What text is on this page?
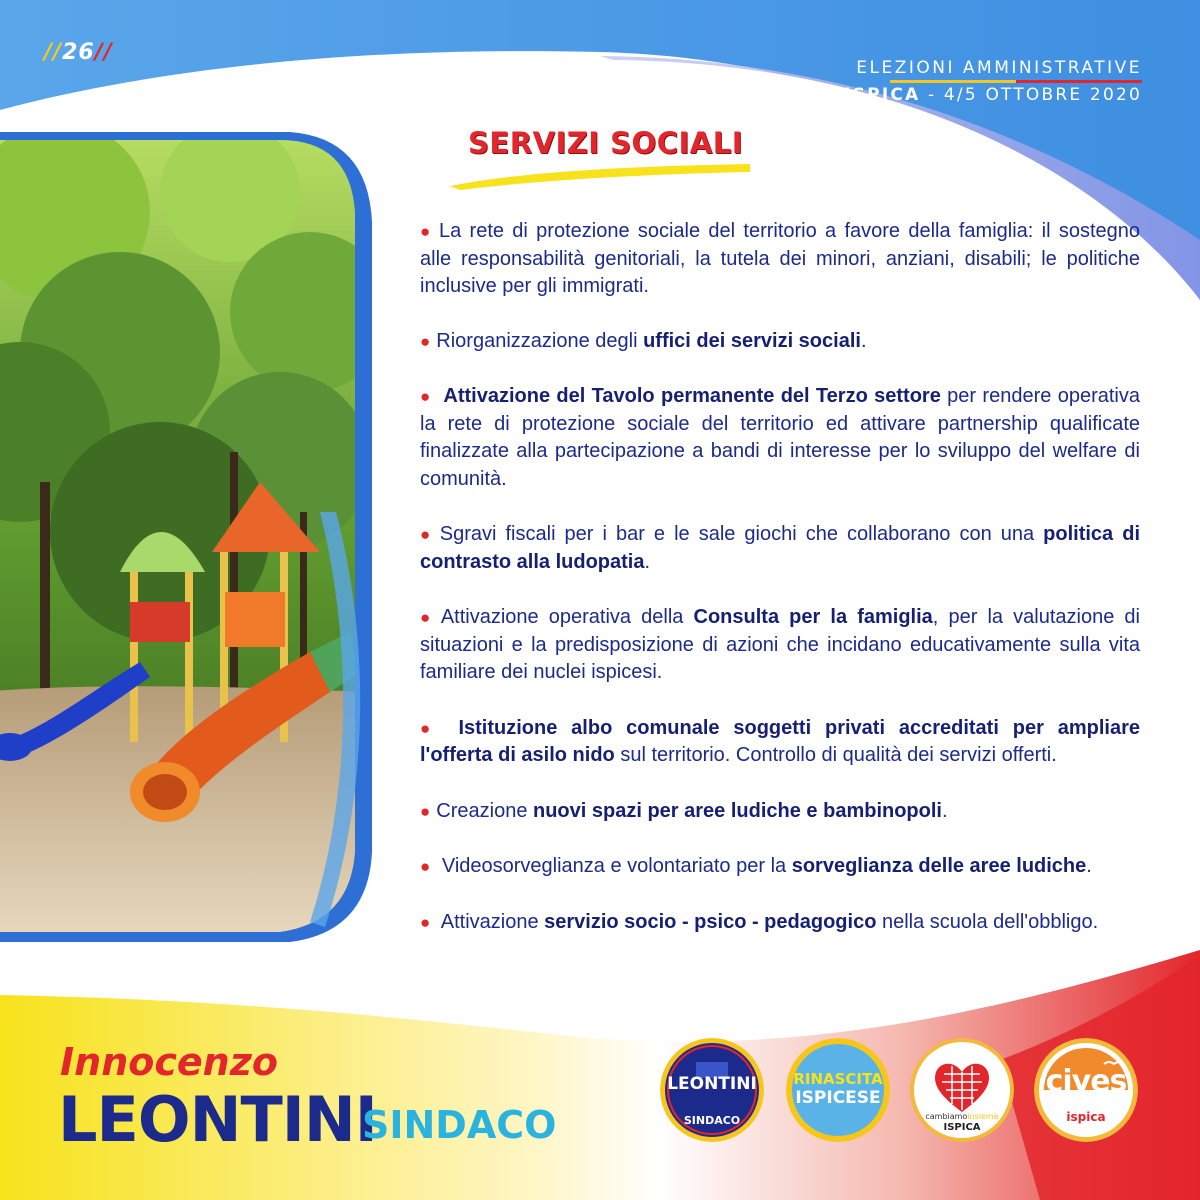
//26//
ELEZIONI AMMINISTRATIVE
ISPICA - 4/5 OTTOBRE 2020
SERVIZI SOCIALI
● La rete di protezione sociale del territorio a favore della famiglia: il sostegno alle responsabilità genitoriali, la tutela dei minori, anziani, disabili; le politiche inclusive per gli immigrati.
● Riorganizzazione degli uffici dei servizi sociali.
● Attivazione del Tavolo permanente del Terzo settore per rendere operativa la rete di protezione sociale del territorio ed attivare partnership qualificate finalizzate alla partecipazione a bandi di interesse per lo sviluppo del welfare di comunità.
● Sgravi fiscali per i bar e le sale giochi che collaborano con una politica di contrasto alla ludopatia.
● Attivazione operativa della Consulta per la famiglia, per la valutazione di situazioni e la predisposizione di azioni che incidano educativamente sulla vita familiare dei nuclei ispicesi.
● Istituzione albo comunale soggetti privati accreditati per ampliare l'offerta di asilo nido sul territorio. Controllo di qualità dei servizi offerti.
● Creazione nuovi spazi per aree ludiche e bambinopoli.
● Videosorveglianza e volontariato per la sorveglianza delle aree ludiche.
● Attivazione servizio socio - psico - pedagogico nella scuola dell'obbligo.
Innocenzo
LEONTINI
SINDACO
LEONTINI
SINDACO
RINASCITA
ISPICESE
cambiamoinsieme
ISPICA
cives
ispica
